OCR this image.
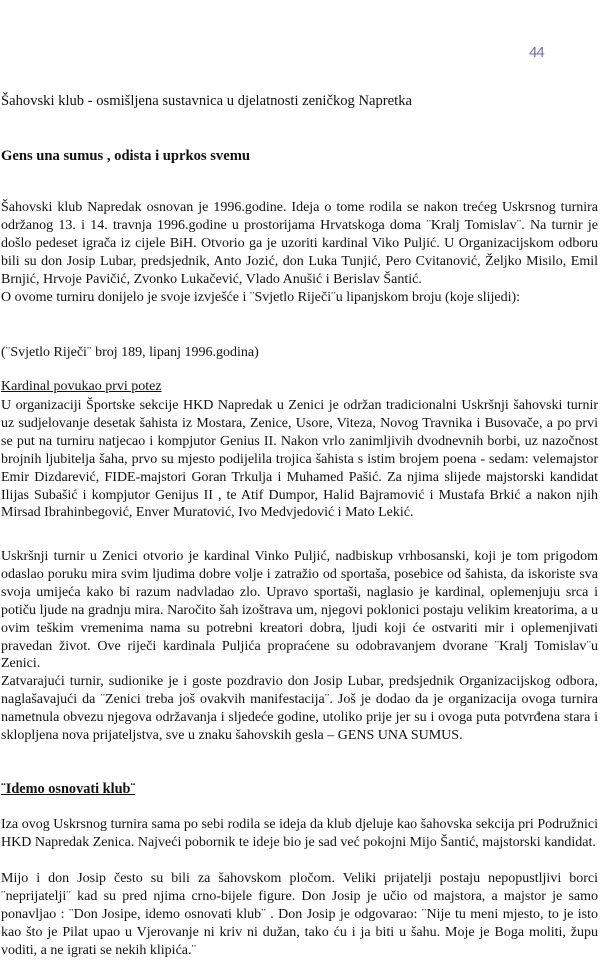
44
Šahovski klub - osmišljena sustavnica u djelatnosti zeničkog Napretka
Gens una sumus , odista i uprkos svemu

Šahovski klub Napredak osnovan je 1996.godine. Ideja o tome rodila se nakon trećeg Uskrsnog turnira održanog 13. i 14. travnja 1996.godine u prostorijama Hrvatskoga doma ¨Kralj Tomislav¨. Na turnir je došlo pedeset igrača iz cijele BiH. Otvorio ga je uzoriti kardinal Viko Puljić. U Organizacijskom odboru bili su don Josip Lubar, predsjednik, Anto Jozić, don Luka Tunjić, Pero Cvitanović, Željko Misilo, Emil Brnjić, Hrvoje Pavičić, Zvonko Lukačević, Vlado Anušić i Berislav Šantić.

O ovome turniru donijelo je svoje izvješće i ¨Svjetlo Riječi¨u lipanjskom broju (koje slijedi):

(¨Svjetlo Riječi¨ broj 189, lipanj 1996.godina)

Kardinal povukao prvi potez

U organizaciji Športske sekcije HKD Napredak u Zenici je održan tradicionalni Uskršnji šahovski turnir uz sudjelovanje desetak šahista iz Mostara, Zenice, Usore, Viteza, Novog Travnika i Busovače, a po prvi se put na turniru natjecao i kompjutor Genius II. Nakon vrlo zanimljivih dvodnevnih borbi, uz nazočnost brojnih ljubitelja šaha, prvo su mjesto podijelila trojica šahista s istim brojem poena - sedam: velemajstor Emir Dizdarević, FIDE-majstori Goran Trkulja i Muhamed Pašić. Za njima slijede majstorski kandidat Ilijas Subašić i kompjutor Genijus II , te Atif Dumpor, Halid Bajramović i Mustafa Brkić a nakon njih Mirsad Ibrahinbegović, Enver Muratović, Ivo Medvjedović i Mato Lekić.

Uskršnji turnir u Zenici otvorio je kardinal Vinko Puljić, nadbiskup vrhbosanski, koji je tom prigodom odaslao poruku mira svim ljudima dobre volje i zatražio od sportaša, posebice od šahista, da iskoriste sva svoja umijeća kako bi razum nadvladao zlo. Upravo sportaši, naglasio je kardinal, oplemenjuju srca i potiču ljude na gradnju mira. Naročito šah izoštrava um, njegovi poklonici postaju velikim kreatorima, a u ovim teškim vremenima nama su potrebni kreatori dobra, ljudi koji će ostvariti mir i oplemenjivati pravedan život. Ove riječi kardinala Puljića propraćene su odobravanjem dvorane ¨Kralj Tomislav¨u Zenici.

Zatvarajući turnir, sudionike je i goste pozdravio don Josip Lubar, predsjednik Organizacijskog odbora, naglašavajući da ¨Zenici treba još ovakvih manifestacija¨. Još je dodao da je organizacija ovoga turnira nametnula obvezu njegova održavanja i sljedeće godine, utoliko prije jer su i ovoga puta potvrđena stara i sklopljena nova prijateljstva, sve u znaku šahovskih gesla – GENS UNA SUMUS.

¨Idemo osnovati klub¨

Iza ovog Uskrsnog turnira sama po sebi rodila se ideja da klub djeluje kao šahovska sekcija pri Podružnici HKD Napredak Zenica. Najveći pobornik te ideje bio je sad već pokojni Mijo Šantić, majstorski kandidat.

Mijo i don Josip često su bili za šahovskom pločom. Veliki prijatelji postaju nepopustljivi borci ¨neprijatelji¨ kad su pred njima crno-bijele figure. Don Josip je učio od majstora, a majstor je samo ponavljao : ¨Don Josipe, idemo osnovati klub¨ . Don Josip je odgovarao: ¨Nije tu meni mjesto, to je isto kao što je Pilat upao u Vjerovanje ni kriv ni dužan, tako ću i ja biti u šahu. Moje je Boga moliti, župu voditi, a ne igrati se nekih klipića.¨
